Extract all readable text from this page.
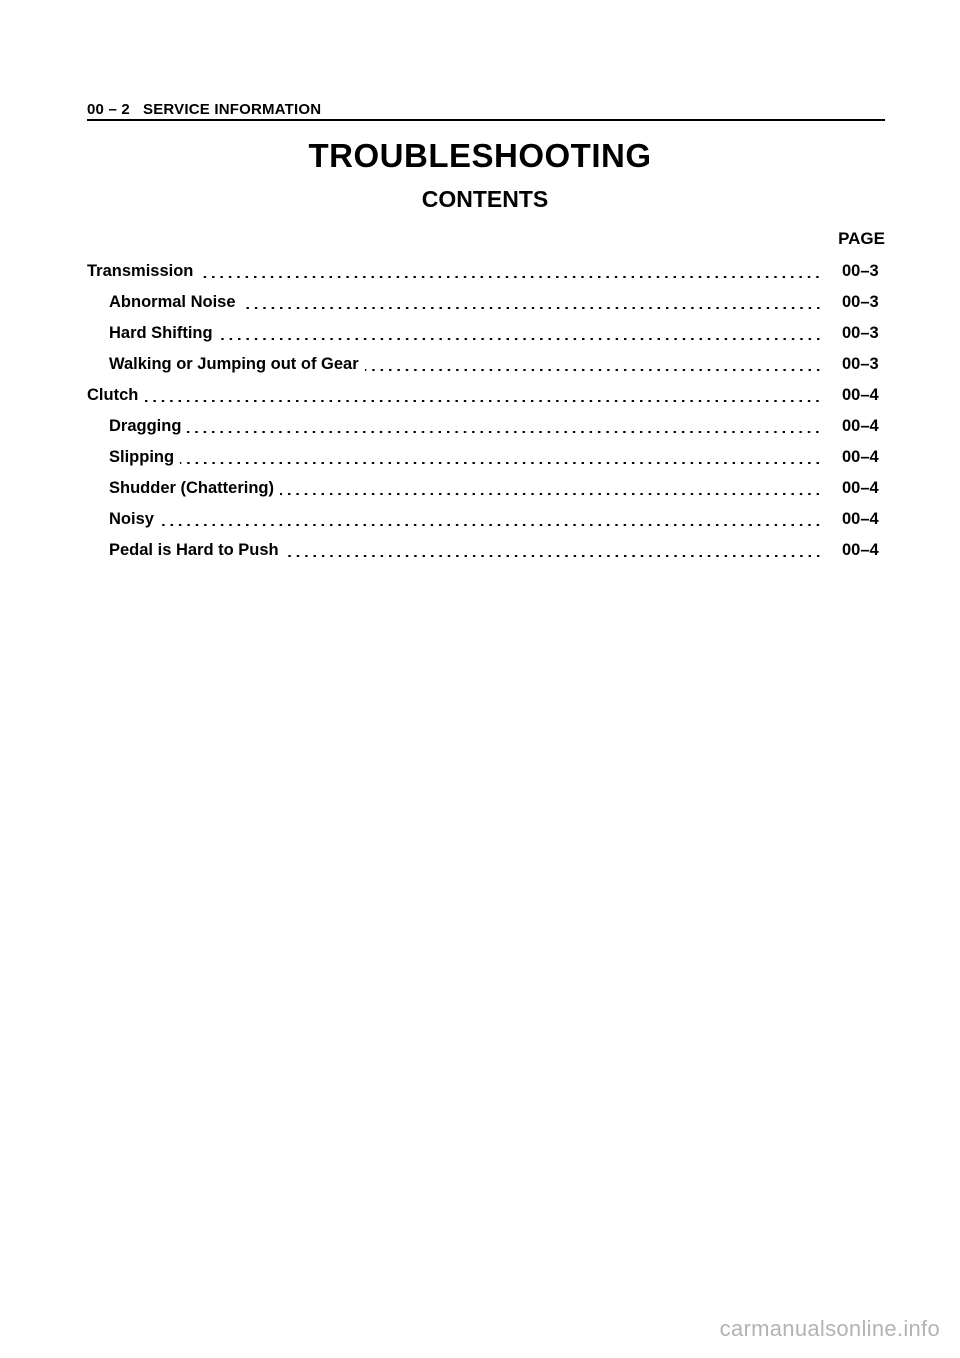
00 – 2   SERVICE INFORMATION
TROUBLESHOOTING
CONTENTS
PAGE
Transmission	00–3
Abnormal Noise	00–3
Hard Shifting	00–3
Walking or Jumping out of Gear	00–3
Clutch	00–4
Dragging	00–4
Slipping	00–4
Shudder (Chattering)	00–4
Noisy	00–4
Pedal is Hard to Push	00–4
carmanualsonline.info
